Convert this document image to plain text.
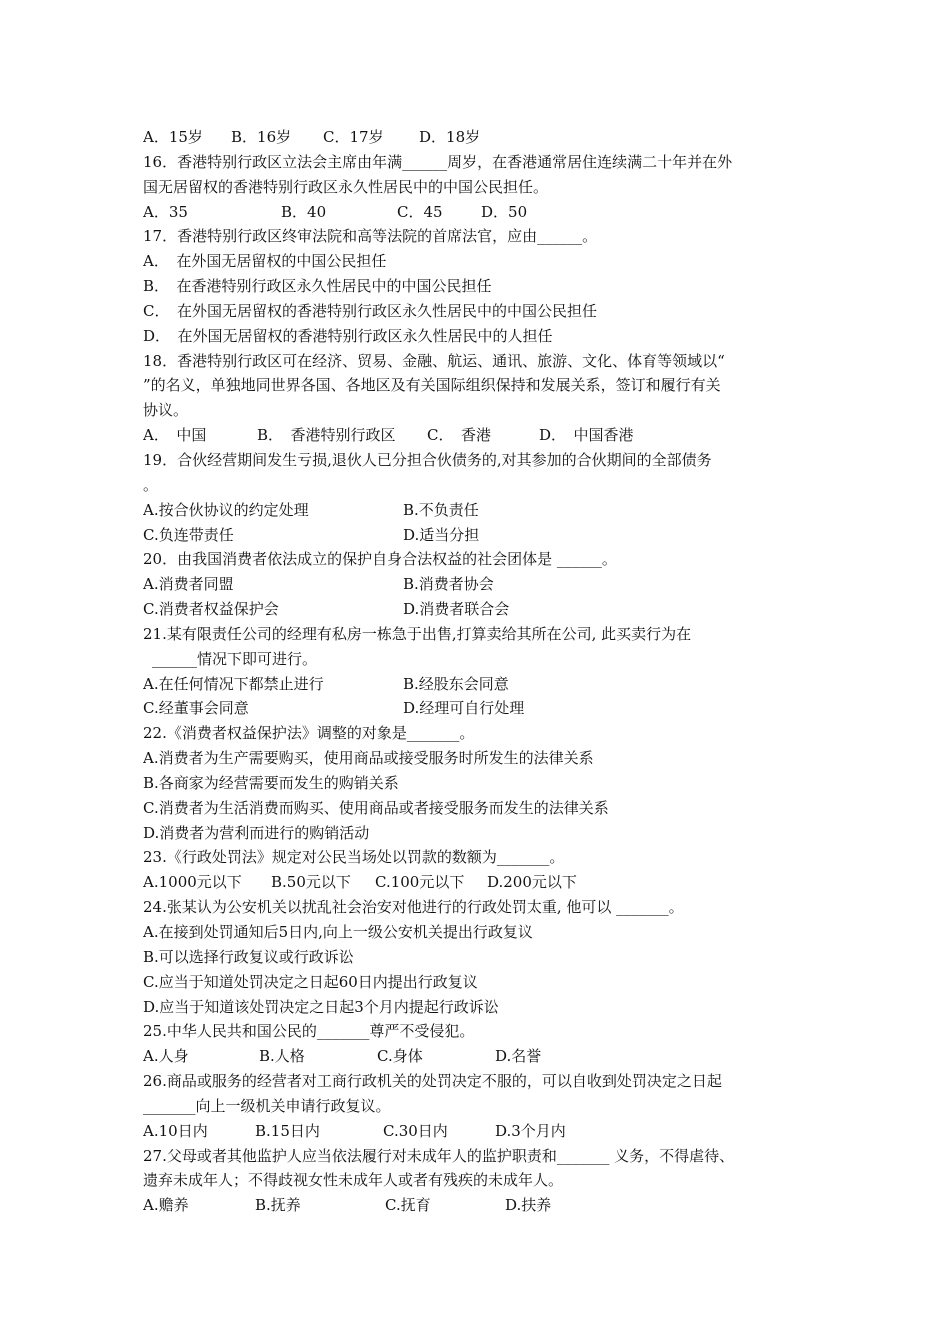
A．15岁	B．16岁	C．17岁	D．18岁
16．香港特别行政区立法会主席由年满______周岁，在香港通常居住连续满二十年并在外
国无居留权的香港特别行政区永久性居民中的中国公民担任。
A．35	B．40	C．45	D．50
17．香港特别行政区终审法院和高等法院的首席法官，应由______。
A．　在外国无居留权的中国公民担任
B．　在香港特别行政区永久性居民中的中国公民担任
C．　在外国无居留权的香港特别行政区永久性居民中的中国公民担任
D．　在外国无居留权的香港特别行政区永久性居民中的人担任
18．香港特别行政区可在经济、贸易、金融、航运、通讯、旅游、文化、体育等领域以“
”的名义，单独地同世界各国、各地区及有关国际组织保持和发展关系，签订和履行有关
协议。
A．　中国	B．　香港特别行政区	C．　香港	D．　中国香港
19．合伙经营期间发生亏损,退伙人已分担合伙债务的,对其参加的合伙期间的全部债务
。
A.按合伙协议的约定处理	B.不负责任
C.负连带责任	D.适当分担
20．由我国消费者依法成立的保护自身合法权益的社会团体是 ______。
A.消费者同盟	B.消费者协会
C.消费者权益保护会	D.消费者联合会
21.某有限责任公司的经理有私房一栋急于出售,打算卖给其所在公司, 此买卖行为在
______情况下即可进行。
A.在任何情况下都禁止进行	B.经股东会同意
C.经董事会同意	D.经理可自行处理
22.《消费者权益保护法》调整的对象是_______。
A.消费者为生产需要购买，使用商品或接受服务时所发生的法律关系
B.各商家为经营需要而发生的购销关系
C.消费者为生活消费而购买、使用商品或者接受服务而发生的法律关系
D.消费者为营利而进行的购销活动
23.《行政处罚法》规定对公民当场处以罚款的数额为_______。
A.1000元以下	B.50元以下	C.100元以下	D.200元以下
24.张某认为公安机关以扰乱社会治安对他进行的行政处罚太重, 他可以 _______。
A.在接到处罚通知后5日内,向上一级公安机关提出行政复议
B.可以选择行政复议或行政诉讼
C.应当于知道处罚决定之日起60日内提出行政复议
D.应当于知道该处罚决定之日起3个月内提起行政诉讼
25.中华人民共和国公民的_______尊严不受侵犯。
A.人身	B.人格	C.身体	D.名誉
26.商品或服务的经营者对工商行政机关的处罚决定不服的，可以自收到处罚决定之日起
_______向上一级机关申请行政复议。
A.10日内	B.15日内	C.30日内	D.3个月内
27.父母或者其他监护人应当依法履行对未成年人的监护职责和_______ 义务，不得虐待、
遗弃未成年人；不得歧视女性未成年人或者有残疾的未成年人。
A.赡养	B.抚养	C.抚育	D.扶养
